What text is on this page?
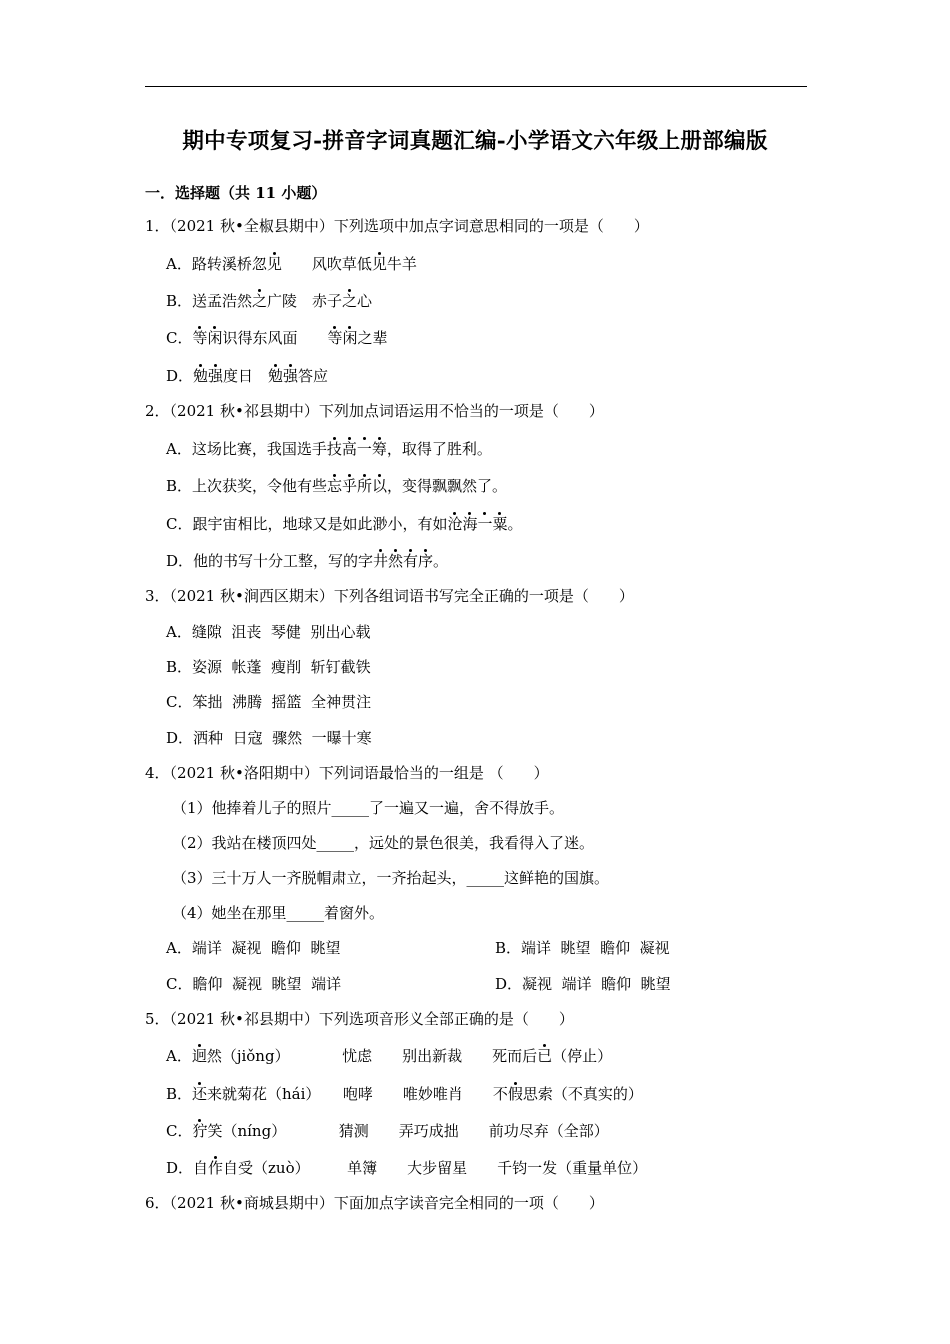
期中专项复习-拼音字词真题汇编-小学语文六年级上册部编版
一．选择题（共 11 小题）
1．（2021 秋•全椒县期中）下列选项中加点字词意思相同的一项是（　　）
A．路转溪桥忽见　　风吹草低见牛羊
B．送孟浩然之广陵　赤子之心
C．等闲识得东风面　　等闲之辈
D．勉强度日　勉强答应
2．（2021 秋•祁县期中）下列加点词语运用不恰当的一项是（　　）
A．这场比赛，我国选手技高一筹，取得了胜利。
B．上次获奖，令他有些忘乎所以，变得飘飘然了。
C．跟宇宙相比，地球又是如此渺小，有如沧海一粟。
D．他的书写十分工整，写的字井然有序。
3．（2021 秋•涧西区期末）下列各组词语书写完全正确的一项是（　　）
A．缝隙  沮丧  琴健  别出心载
B．姿源  帐蓬  瘦削  斩钉截铁
C．笨拙  沸腾  摇篮  全神贯注
D．洒种  日寇  骤然  一曝十寒
4．（2021 秋•洛阳期中）下列词语最恰当的一组是 （　　）
（1）他捧着儿子的照片_____了一遍又一遍，舍不得放手。
（2）我站在楼顶四处_____，远处的景色很美，我看得入了迷。
（3）三十万人一齐脱帽肃立，一齐抬起头，_____这鲜艳的国旗。
（4）她坐在那里_____着窗外。
A．端详  凝视  瞻仰  眺望	B．端详  眺望  瞻仰  凝视
C．瞻仰  凝视  眺望  端详	D．凝视  端详  瞻仰  眺望
5．（2021 秋•祁县期中）下列选项音形义全部正确的是（　　）
A．迥然（jiǒng）　　　　忧虑　　别出新裁　　死而后已（停止）
B．还来就菊花（hái）　　咆哮　　唯妙唯肖　　不假思索（不真实的）
C．狞笑（níng）　　　　猜测　　弄巧成拙　　前功尽弃（全部）
D．自作自受（zuò）　　　单簿　　大步留星　　千钧一发（重量单位）
6．（2021 秋•商城县期中）下面加点字读音完全相同的一项（　　）
